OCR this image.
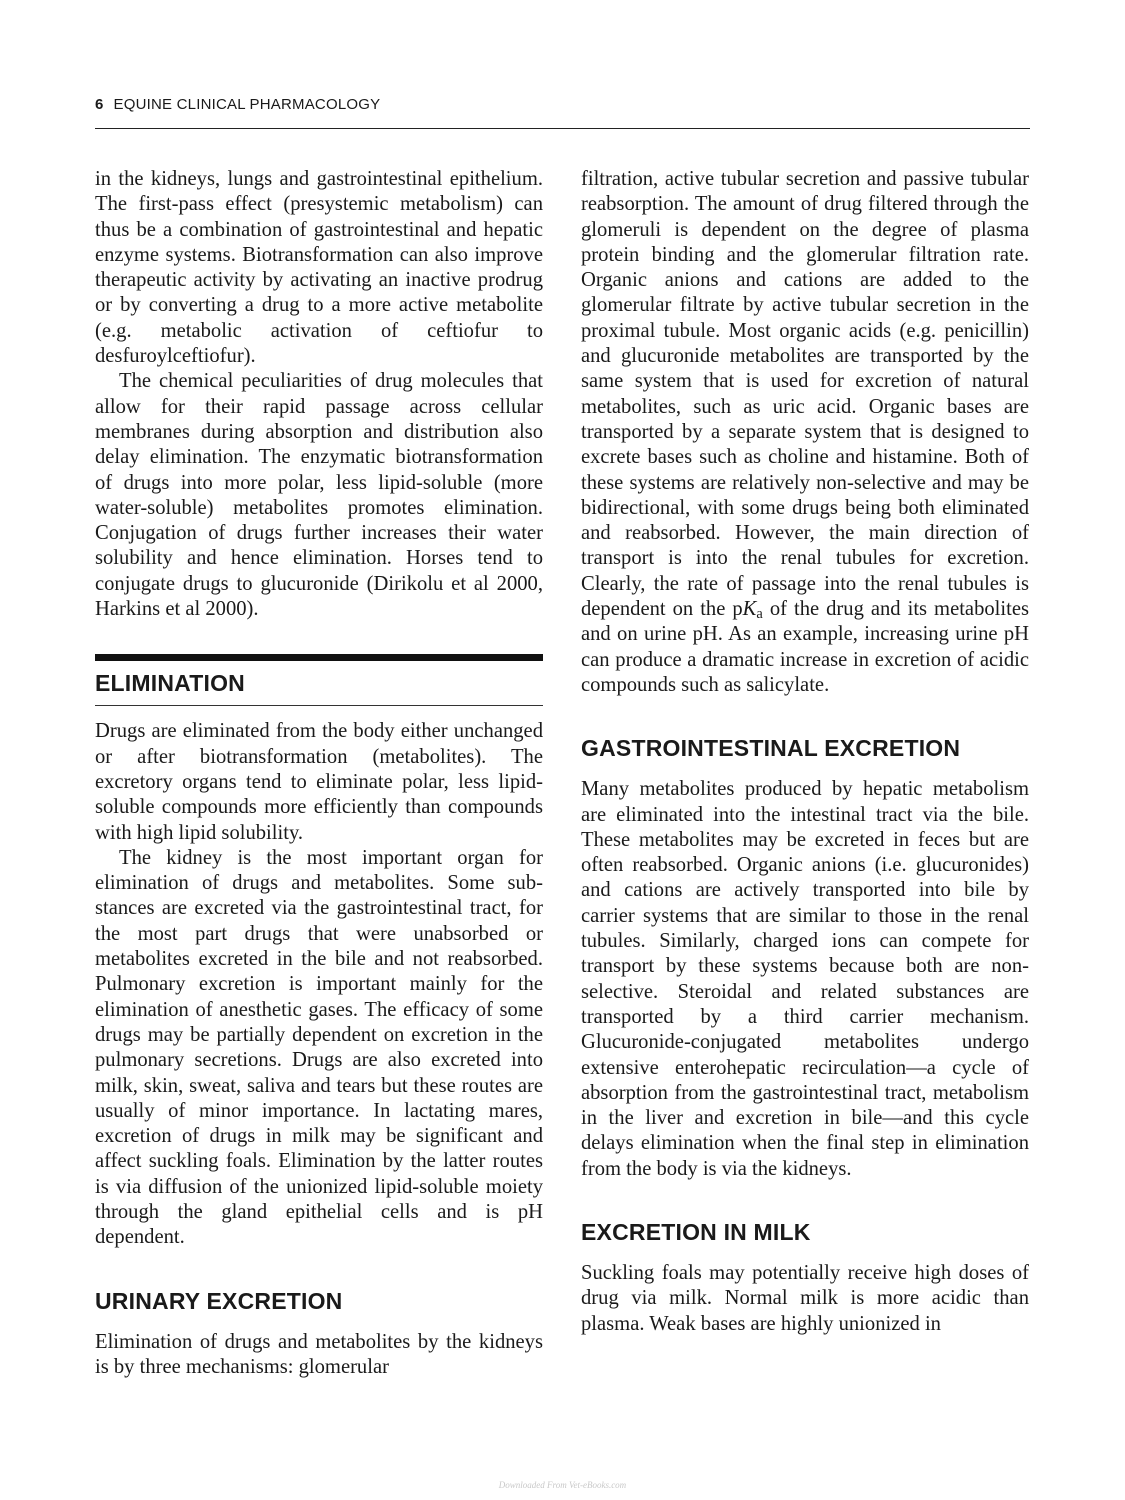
6 EQUINE CLINICAL PHARMACOLOGY

in the kidneys, lungs and gastrointestinal epithelium. The first-pass effect (presystemic metabolism) can thus be a combination of gastrointestinal and hepatic enzyme systems. Biotransformation can also improve therapeutic activity by activating an inactive prodrug or by converting a drug to a more active metabolite (e.g. metabolic activation of ceftiofur to desfuroylceftiofur).

The chemical peculiarities of drug molecules that allow for their rapid passage across cellular membranes during absorption and distribution also delay elimination. The enzymatic biotransformation of drugs into more polar, less lipid-soluble (more water-soluble) metabolites promotes elimination. Conjugation of drugs further increases their water solubility and hence elimination. Horses tend to conjugate drugs to glucuronide (Dirikolu et al 2000, Harkins et al 2000).

ELIMINATION

Drugs are eliminated from the body either unchanged or after biotransformation (metabolites). The excretory organs tend to eliminate polar, less lipid-soluble compounds more efficiently than compounds with high lipid solubility.

The kidney is the most important organ for elimination of drugs and metabolites. Some substances are excreted via the gastrointestinal tract, for the most part drugs that were unabsorbed or metabolites excreted in the bile and not reabsorbed. Pulmonary excretion is important mainly for the elimination of anesthetic gases. The efficacy of some drugs may be partially dependent on excretion in the pulmonary secretions. Drugs are also excreted into milk, skin, sweat, saliva and tears but these routes are usually of minor importance. In lactating mares, excretion of drugs in milk may be significant and affect suckling foals. Elimination by the latter routes is via diffusion of the unionized lipid-soluble moiety through the gland epithelial cells and is pH dependent.

URINARY EXCRETION

Elimination of drugs and metabolites by the kidneys is by three mechanisms: glomerular

filtration, active tubular secretion and passive tubular reabsorption. The amount of drug filtered through the glomeruli is dependent on the degree of plasma protein binding and the glomerular filtration rate. Organic anions and cations are added to the glomerular filtrate by active tubular secretion in the proximal tubule. Most organic acids (e.g. penicillin) and glucuronide metabolites are transported by the same system that is used for excretion of natural metabolites, such as uric acid. Organic bases are transported by a separate system that is designed to excrete bases such as choline and histamine. Both of these systems are relatively non-selective and may be bidirectional, with some drugs being both eliminated and reabsorbed. However, the main direction of transport is into the renal tubules for excretion. Clearly, the rate of passage into the renal tubules is dependent on the $pK_a$ of the drug and its metabolites and on urine pH. As an example, increasing urine pH can produce a dramatic increase in excretion of acidic compounds such as salicylate.

GASTROINTESTINAL EXCRETION

Many metabolites produced by hepatic metabolism are eliminated into the intestinal tract via the bile. These metabolites may be excreted in feces but are often reabsorbed. Organic anions (i.e. glucuronides) and cations are actively transported into bile by carrier systems that are similar to those in the renal tubules. Similarly, charged ions can compete for transport by these systems because both are non-selective. Steroidal and related substances are transported by a third carrier mechanism. Glucuronide-conjugated metabolites undergo extensive enterohepatic recirculation—a cycle of absorption from the gastrointestinal tract, metabolism in the liver and excretion in bile—and this cycle delays elimination when the final step in elimination from the body is via the kidneys.

EXCRETION IN MILK

Suckling foals may potentially receive high doses of drug via milk. Normal milk is more acidic than plasma. Weak bases are highly unionized in

Downloaded From Vet-eBooks.com
